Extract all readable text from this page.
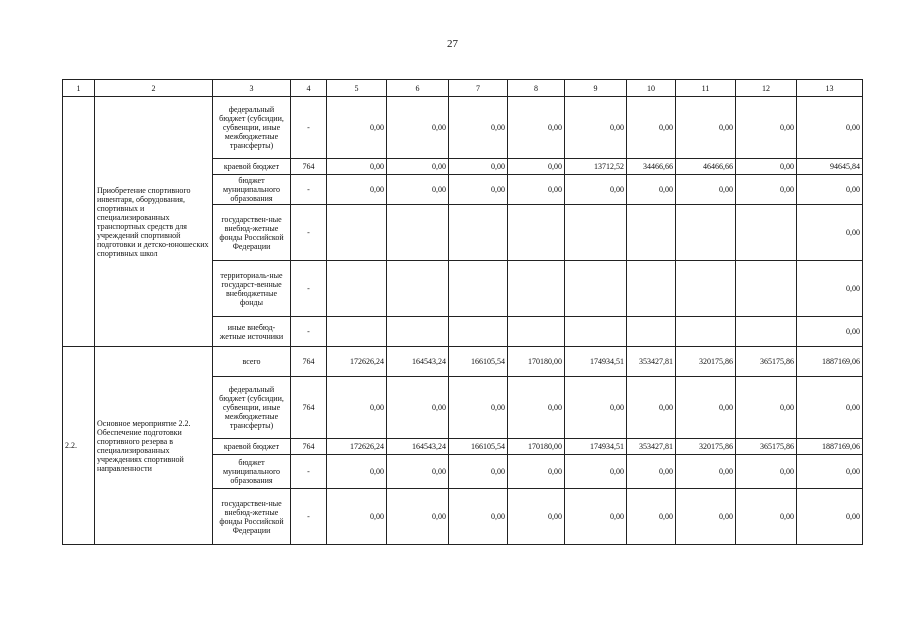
27
1	2	3	4	5	6	7	8	9	10	11	12	13
	Приобретение спортивного инвентаря, оборудования, спортивных и специализированных транспортных средств для учреждений спортивной подготовки и детско-юношеских спортивных школ	федеральный бюджет (субсидии, субвенции, иные межбюджетные трансферты)	-	0,00	0,00	0,00	0,00	0,00	0,00	0,00	0,00	0,00
		краевой бюджет	764	0,00	0,00	0,00	0,00	13712,52	34466,66	46466,66	0,00	94645,84
		бюджет муниципального образования	-	0,00	0,00	0,00	0,00	0,00	0,00	0,00	0,00	0,00
		государствен-ные внебюд-жетные фонды Российской Федерации	-									0,00
		территориаль-ные государст-венные внебюджетные фонды	-									0,00
		иные внебюд-жетные источники	-									0,00
2.2.	Основное мероприятие 2.2. Обеспечение подготовки спортивного резерва в специализированных учреждениях спортивной направленности	всего	764	172626,24	164543,24	166105,54	170180,00	174934,51	353427,81	320175,86	365175,86	1887169,06
		федеральный бюджет (субсидии, субвенции, иные межбюджетные трансферты)	764	0,00	0,00	0,00	0,00	0,00	0,00	0,00	0,00	0,00
		краевой бюджет	764	172626,24	164543,24	166105,54	170180,00	174934,51	353427,81	320175,86	365175,86	1887169,06
		бюджет муниципального образования	-	0,00	0,00	0,00	0,00	0,00	0,00	0,00	0,00	0,00
		государствен-ные внебюд-жетные фонды Российской Федерации	-	0,00	0,00	0,00	0,00	0,00	0,00	0,00	0,00	0,00
